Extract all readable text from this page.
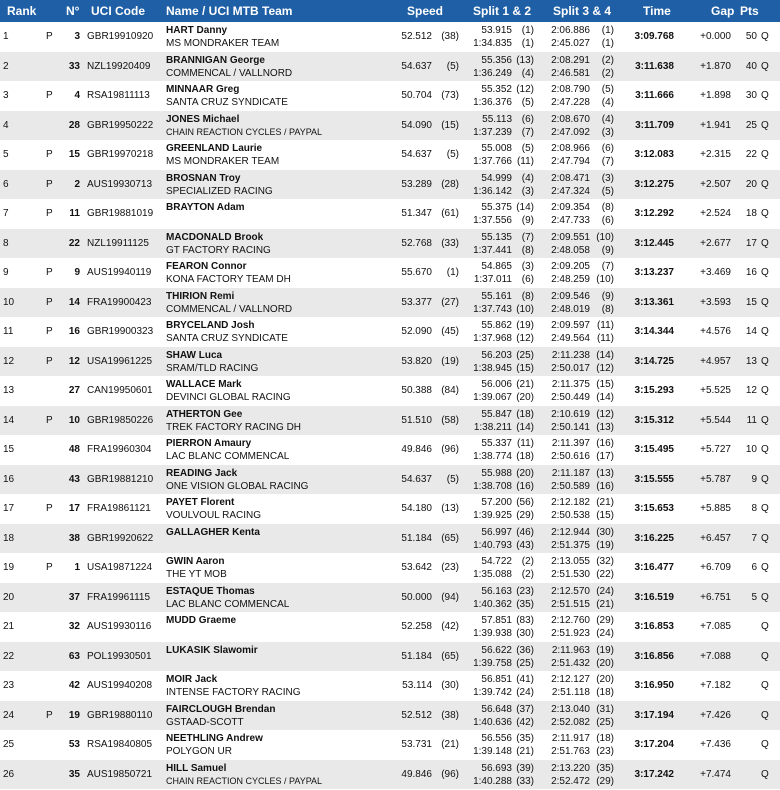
Rank N° UCI Code Name / UCI MTB Team	Speed Split 1 & 2 Split 3 & 4	Time	Gap Pts
1	P	3 GBR19910920
HART Danny
MS MONDRAKER TEAM
52.512 (38)
53.915 (1)
1:34.835 (1)
2:06.886	(1)
2:45.027	(1)
3:09.768	+0.000	50 Q
2	33 NZL19920409
BRANNIGAN George
COMMENCAL / VALLNORD
54.637	(5)
55.356 (13)
1:36.249 (4)
2:08.291	(2)
2:46.581	(2)
3:11.638	+1.870	40 Q
3	P	4 RSA19811113
MINNAAR Greg
SANTA CRUZ SYNDICATE
50.704 (73)
55.352 (12)
1:36.376 (5)
2:08.790	(5)
2:47.228	(4)
3:11.666	+1.898	30 Q
4	28 GBR19950222
JONES Michael
CHAIN REACTION CYCLES / PAYPAL
54.090 (15)
55.113 (6)
1:37.239 (7)
2:08.670	(4)
2:47.092	(3)
3:11.709	+1.941	25 Q
5	P	15 GBR19970218
GREENLAND Laurie
MS MONDRAKER TEAM
54.637	(5)
55.008 (5)
1:37.766 (11)
2:08.966	(6)
2:47.794	(7)
3:12.083	+2.315	22 Q
6	P	2 AUS19930713
BROSNAN Troy
SPECIALIZED RACING
53.289 (28)
54.999 (4)
1:36.142 (3)
2:08.471	(3)
2:47.324	(5)
3:12.275	+2.507	20 Q
7	P	11 GBR19881019
BRAYTON Adam
51.347 (61)
55.375 (14)
1:37.556 (9)
2:09.354	(8)
2:47.733	(6)
3:12.292	+2.524	18 Q
8	22 NZL19911125
MACDONALD Brook
GT FACTORY RACING
52.768 (33)
55.135 (7)
1:37.441 (8)
2:09.551 (10)
2:48.058	(9)
3:12.445	+2.677	17 Q
9	P	9 AUS19940119
FEARON Connor
KONA FACTORY TEAM DH
55.670	(1)
54.865 (3)
1:37.011 (6)
2:09.205	(7)
2:48.259 (10)
3:13.237	+3.469	16 Q
10	P	14 FRA19900423
THIRION Remi
COMMENCAL / VALLNORD
53.377 (27)
55.161 (8)
1:37.743 (10)
2:09.546	(9)
2:48.019	(8)
3:13.361	+3.593	15 Q
11	P	16 GBR19900323
BRYCELAND Josh
SANTA CRUZ SYNDICATE
52.090 (45)
55.862 (19)
1:37.968 (12)
2:09.597 (11)
2:49.564 (11)
3:14.344	+4.576	14 Q
12	P	12 USA19961225
SHAW Luca
SRAM/TLD RACING
53.820 (19)
56.203 (25)
1:38.945 (15)
2:11.238 (14)
2:50.017 (12)
3:14.725	+4.957	13 Q
13	27 CAN19950601
WALLACE Mark
DEVINCI GLOBAL RACING
50.388 (84)
56.006 (21)
1:39.067 (20)
2:11.375 (15)
2:50.449 (14)
3:15.293	+5.525	12 Q
14	P	10 GBR19850226
ATHERTON Gee
TREK FACTORY RACING DH
51.510 (58)
55.847 (18)
1:38.211 (14)
2:10.619 (12)
2:50.141 (13)
3:15.312	+5.544	11 Q
15	48 FRA19960304
PIERRON Amaury
LAC BLANC COMMENCAL
49.846 (96)
55.337 (11)
1:38.774 (18)
2:11.397 (16)
2:50.616 (17)
3:15.495	+5.727	10 Q
16	43 GBR19881210
READING Jack
ONE VISION GLOBAL RACING
54.637	(5)
55.988 (20)
1:38.708 (16)
2:11.187 (13)
2:50.589 (16)
3:15.555	+5.787	9 Q
17	P	17 FRA19861121
PAYET Florent
VOULVOUL RACING
54.180 (13)
57.200 (56)
1:39.925 (29)
2:12.182 (21)
2:50.538 (15)
3:15.653	+5.885	8 Q
18	38 GBR19920622
GALLAGHER Kenta
51.184 (65)
56.997 (46)
1:40.793 (43)
2:12.944 (30)
2:51.375 (19)
3:16.225	+6.457	7 Q
19	P	1 USA19871224
GWIN Aaron
THE YT MOB
53.642 (23)
54.722 (2)
1:35.088 (2)
2:13.055 (32)
2:51.530 (22)
3:16.477	+6.709	6 Q
20	37 FRA19961115
ESTAQUE Thomas
LAC BLANC COMMENCAL
50.000 (94)
56.163 (23)
1:40.362 (35)
2:12.570 (24)
2:51.515 (21)
3:16.519	+6.751	5 Q
21	32 AUS19930116
MUDD Graeme
52.258 (42)
57.851 (83)
1:39.938 (30)
2:12.760 (29)
2:51.923 (24)
3:16.853	+7.085	Q
22	63 POL19930501
LUKASIK Slawomir
51.184 (65)
56.622 (36)
1:39.758 (25)
2:11.963 (19)
2:51.432 (20)
3:16.856	+7.088	Q
23	42 AUS19940208
MOIR Jack
INTENSE FACTORY RACING
53.114 (30)
56.851 (41)
1:39.742 (24)
2:12.127 (20)
2:51.118 (18)
3:16.950	+7.182	Q
24	P	19 GBR19880110
FAIRCLOUGH Brendan
GSTAAD-SCOTT
52.512 (38)
56.648 (37)
1:40.636 (42)
2:13.040 (31)
2:52.082 (25)
3:17.194	+7.426	Q
25	53 RSA19840805
NEETHLING Andrew
POLYGON UR
53.731 (21)
56.556 (35)
1:39.148 (21)
2:11.917 (18)
2:51.763 (23)
3:17.204	+7.436	Q
26	35 AUS19850721
HILL Samuel
CHAIN REACTION CYCLES / PAYPAL
49.846 (96)
56.693 (39)
1:40.288 (33)
2:13.220 (35)
2:52.472 (29)
3:17.242	+7.474	Q
